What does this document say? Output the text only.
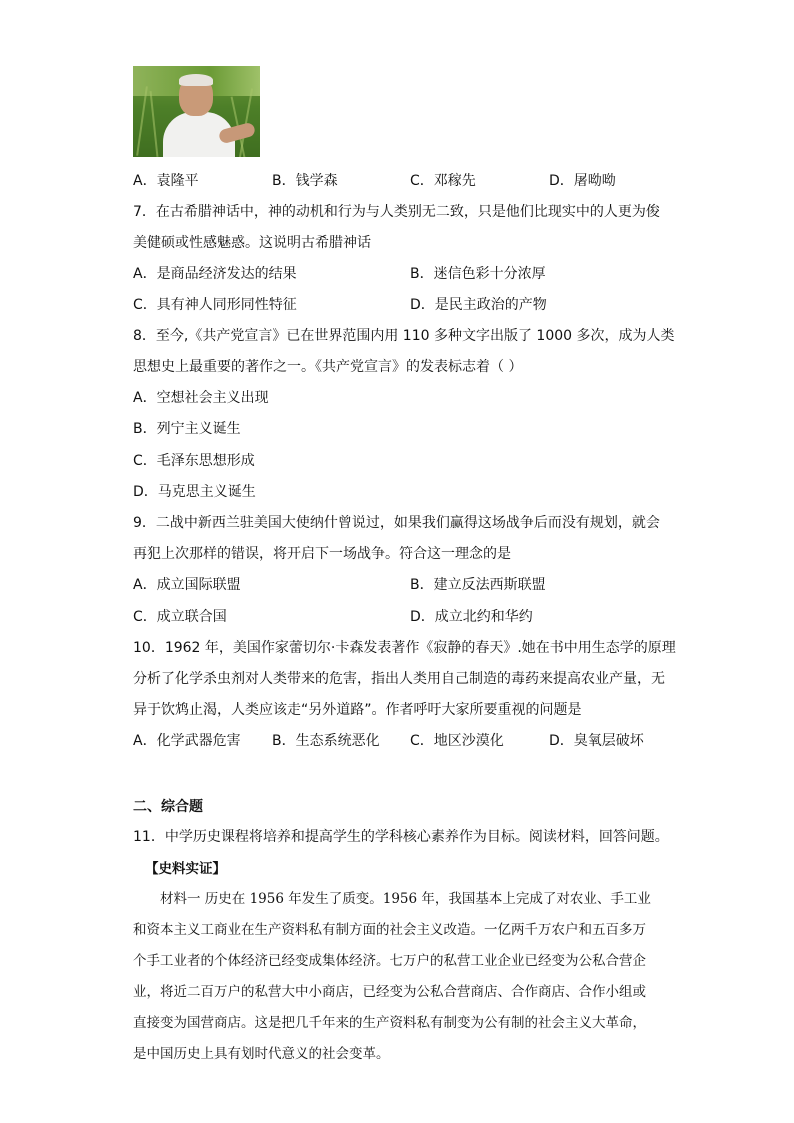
A．袁隆平	B．钱学森	C．邓稼先	D．屠呦呦
7．在古希腊神话中，神的动机和行为与人类别无二致，只是他们比现实中的人更为俊
美健硕或性感魅惑。这说明古希腊神话
A．是商品经济发达的结果	B．迷信色彩十分浓厚
C．具有神人同形同性特征	D．是民主政治的产物
8．至今,《共产党宣言》已在世界范围内用 110 多种文字出版了 1000 多次，成为人类
思想史上最重要的著作之一。《共产党宣言》的发表标志着（ ）
A．空想社会主义出现
B．列宁主义诞生
C．毛泽东思想形成
D．马克思主义诞生
9．二战中新西兰驻美国大使纳什曾说过，如果我们赢得这场战争后而没有规划，就会
再犯上次那样的错误，将开启下一场战争。符合这一理念的是
A．成立国际联盟	B．建立反法西斯联盟
C．成立联合国	D．成立北约和华约
10．1962 年，美国作家蕾切尔·卡森发表著作《寂静的春天》.她在书中用生态学的原理
分析了化学杀虫剂对人类带来的危害，指出人类用自己制造的毒药来提高农业产量，无
异于饮鸩止渴，人类应该走“另外道路”。作者呼吁大家所要重视的问题是
A．化学武器危害 B．生态系统恶化 C．地区沙漠化	D．臭氧层破坏
二、综合题
11．中学历史课程将培养和提高学生的学科核心素养作为目标。阅读材料，回答问题。
【史料实证】
材料一 历史在 1956 年发生了质变。1956 年，我国基本上完成了对农业、手工业
和资本主义工商业在生产资料私有制方面的社会主义改造。一亿两千万农户和五百多万
个手工业者的个体经济已经变成集体经济。七万户的私营工业企业已经变为公私合营企
业，将近二百万户的私营大中小商店，已经变为公私合营商店、合作商店、合作小组或
直接变为国营商店。这是把几千年来的生产资料私有制变为公有制的社会主义大革命，
是中国历史上具有划时代意义的社会变革。
